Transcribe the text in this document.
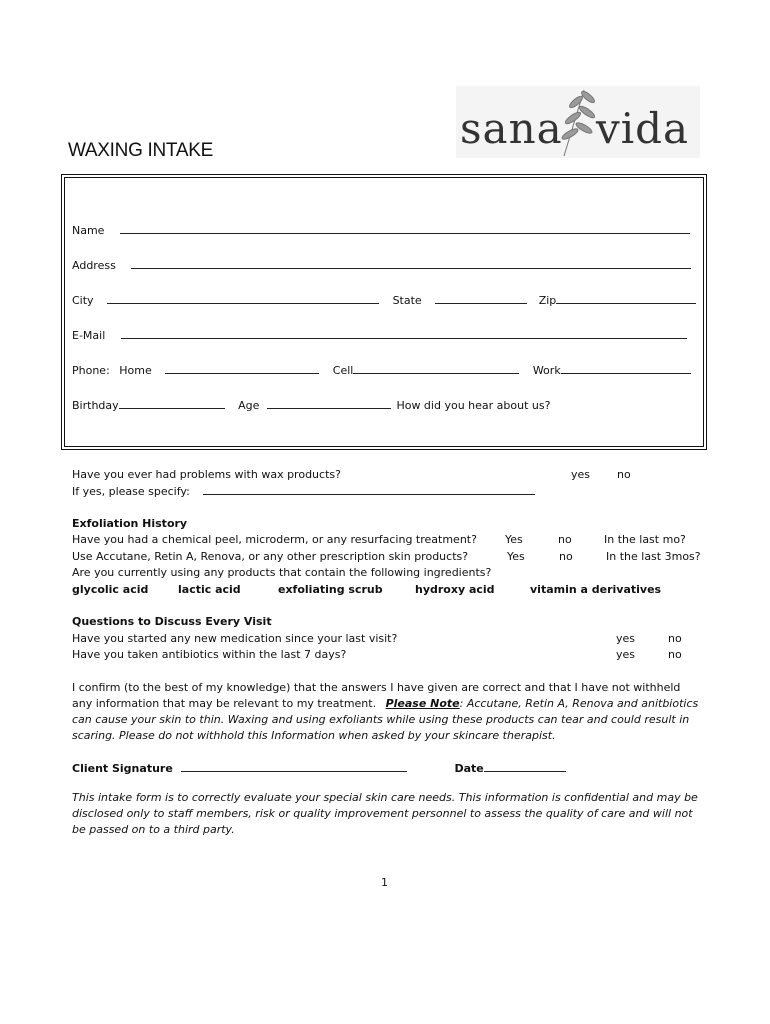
WAXING INTAKE	sana vida
Name
Address
City	State	Zip
E-Mail
Phone: Home	Cell	Work
Birthday	Age	How did you hear about us?
Have you ever had problems with wax products?	yes no
If yes, please specify:
Exfoliation History
Have you had a chemical peel, microderm, or any resurfacing treatment?	Yes	no	In the last mo?
Use Accutane, Retin A, Renova, or any other prescription skin products?	Yes	no	In the last 3mos?
Are you currently using any products that contain the following ingredients?
glycolic acid	lactic acid	exfoliating scrub	hydroxy acid	vitamin a derivatives
Questions to Discuss Every Visit
Have you started any new medication since your last visit?	yes	no
Have you taken antibiotics within the last 7 days?	yes	no
I confirm (to the best of my knowledge) that the answers I have given are correct and that I have not withheld any information that may be relevant to my treatment. Please Note: Accutane, Retin A, Renova and anitbiotics can cause your skin to thin. Waxing and using exfoliants while using these products can tear and could result in scaring. Please do not withhold this Information when asked by your skincare therapist.
Client Signature	Date
This intake form is to correctly evaluate your special skin care needs. This information is confidential and may be disclosed only to staff members, risk or quality improvement personnel to assess the quality of care and will not be passed on to a third party.
1
